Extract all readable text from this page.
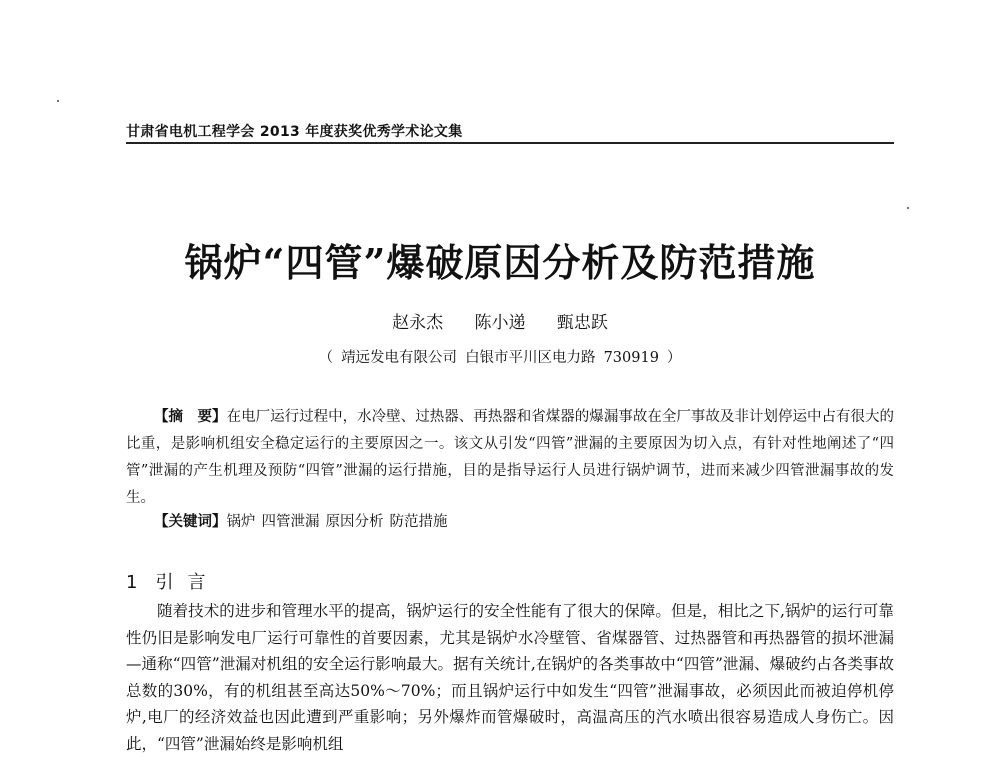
甘肃省电机工程学会 2013 年度获奖优秀学术论文集
锅炉“四管”爆破原因分析及防范措施
赵永杰 陈小递 甄忠跃
（ 靖远发电有限公司 白银市平川区电力路 730919 ）

【摘　要】在电厂运行过程中，水冷壁、过热器、再热器和省煤器的爆漏事故在全厂事故及非计划停运中占有很大的比重，是影响机组安全稳定运行的主要原因之一。该文从引发“四管”泄漏的主要原因为切入点，有针对性地阐述了“四管”泄漏的产生机理及预防“四管”泄漏的运行措施，目的是指导运行人员进行锅炉调节，进而来减少四管泄漏事故的发生。

【关键词】锅炉 四管泄漏 原因分析 防范措施
1 引言

随着技术的进步和管理水平的提高，锅炉运行的安全性能有了很大的保障。但是，相比之下,锅炉的运行可靠性仍旧是影响发电厂运行可靠性的首要因素，尤其是锅炉水冷壁管、省煤器管、过热器管和再热器管的损坏泄漏—通称“四管”泄漏对机组的安全运行影响最大。据有关统计,在锅炉的各类事故中“四管”泄漏、爆破约占各类事故总数的30%，有的机组甚至高达50%～70%；而且锅炉运行中如发生“四管”泄漏事故，必须因此而被迫停机停炉,电厂的经济效益也因此遭到严重影响；另外爆炸而管爆破时，高温高压的汽水喷出很容易造成人身伤亡。因此，“四管”泄漏始终是影响机组
